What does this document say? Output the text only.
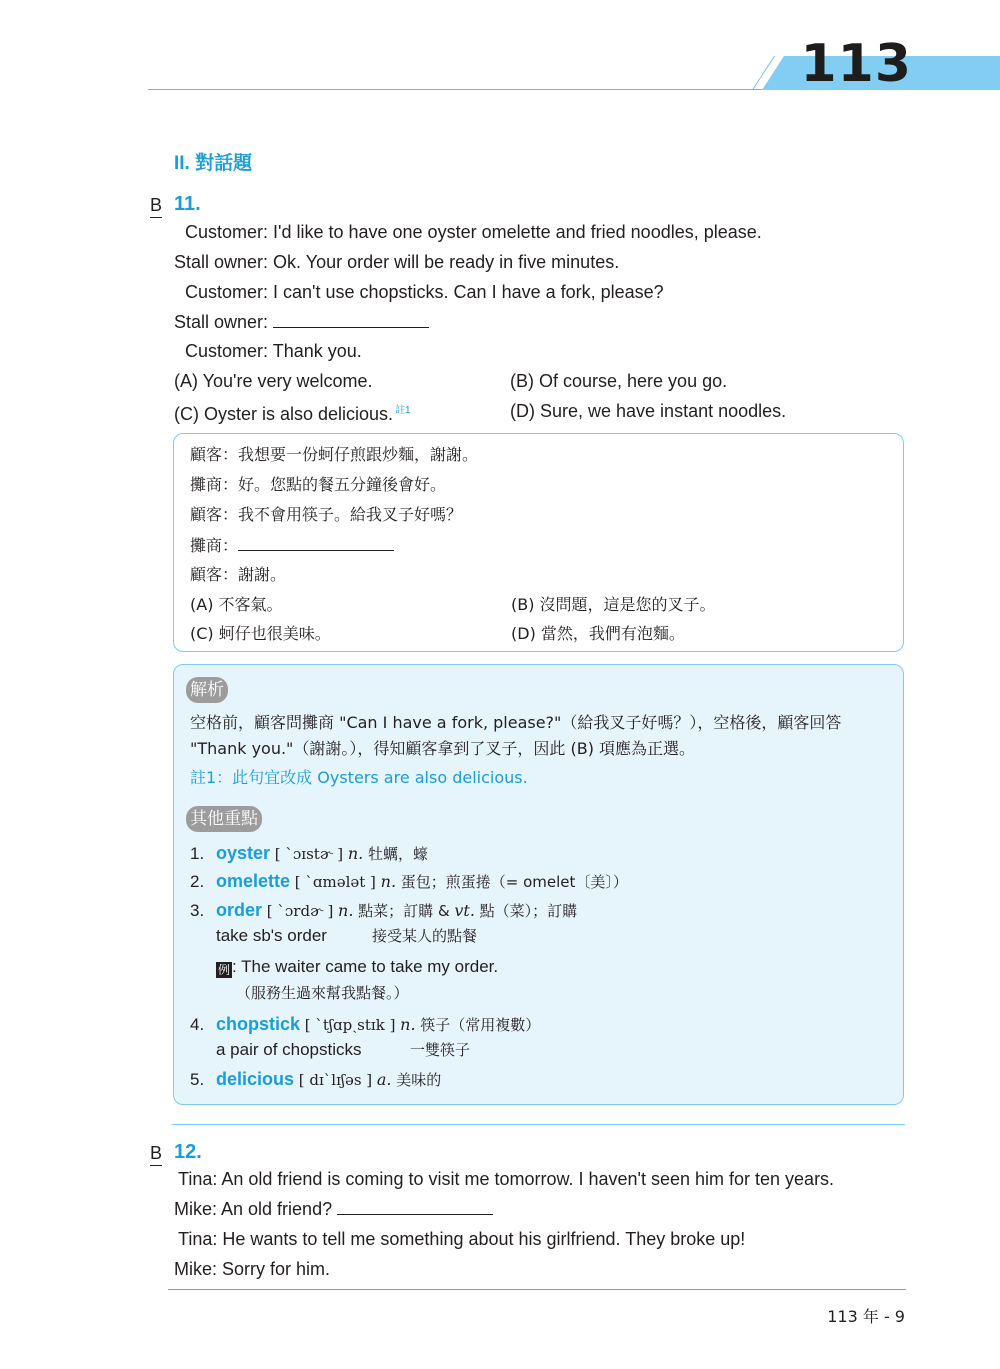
113
II. 對話題
B 11.
Customer: I'd like to have one oyster omelette and fried noodles, please.
Stall owner: Ok. Your order will be ready in five minutes.
Customer: I can't use chopsticks. Can I have a fork, please?
Stall owner:
Customer: Thank you.
(A) You're very welcome.	(B) Of course, here you go.
(C) Oyster is also delicious. $^{註1}$	(D) Sure, we have instant noodles.
顧客：我想要一份蚵仔煎跟炒麵，謝謝。
攤商：好。您點的餐五分鐘後會好。
顧客：我不會用筷子。給我叉子好嗎？
攤商：
顧客：謝謝。
(A) 不客氣。	(B) 沒問題，這是您的叉子。
(C) 蚵仔也很美味。	(D) 當然，我們有泡麵。
解析
空格前，顧客問攤商 "Can I have a fork, please?"（給我叉子好嗎？），空格後，顧客回答
"Thank you."（謝謝。），得知顧客拿到了叉子，因此 (B) 項應為正選。
註1：此句宜改成 Oysters are also delicious.
其他重點
1. oyster [ ˋɔɪstɚ ] n. 牡蠣，蠔
2. omelette [ ˋɑmələt ] n. 蛋包；煎蛋捲（= omelet〔美〕）
3. order [ ˋɔrdɚ ] n. 點菜；訂購 & vt. 點（菜）；訂購
take sb's order	接受某人的點餐
例 : The waiter came to take my order.
（服務生過來幫我點餐。）
4. chopstick [ ˋtʃɑpˏstɪk ] n. 筷子（常用複數）
a pair of chopsticks	一雙筷子
5. delicious [ dɪˋlɪʃəs ] a. 美味的
B 12.
Tina: An old friend is coming to visit me tomorrow. I haven't seen him for ten years.
Mike: An old friend?
Tina: He wants to tell me something about his girlfriend. They broke up!
Mike: Sorry for him.
113 年 - 9
